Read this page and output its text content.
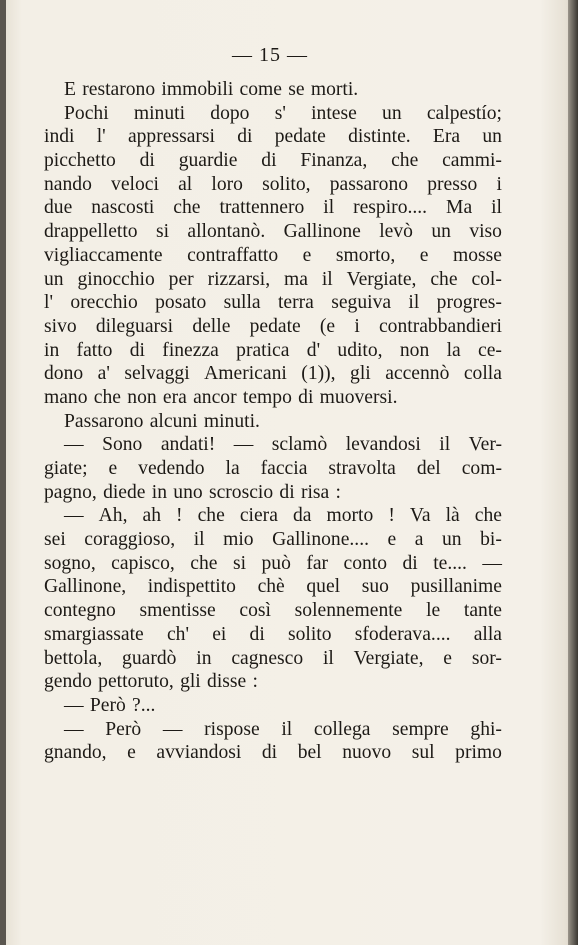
— 15 —
E restarono immobili come se morti.
Pochi minuti dopo s' intese un calpestío;
indi l' appressarsi di pedate distinte. Era un
picchetto di guardie di Finanza, che cammi-
nando veloci al loro solito, passarono presso i
due nascosti che trattennero il respiro.... Ma il
drappelletto si allontanò. Gallinone levò un viso
vigliaccamente contraffatto e smorto, e mosse
un ginocchio per rizzarsi, ma il Vergiate, che col-
l' orecchio posato sulla terra seguiva il progres-
sivo dileguarsi delle pedate (e i contrabbandieri
in fatto di finezza pratica d' udito, non la ce-
dono a' selvaggi Americani (1)), gli accennò colla
mano che non era ancor tempo di muoversi.
Passarono alcuni minuti.
— Sono andati! — sclamò levandosi il Ver-
giate; e vedendo la faccia stravolta del com-
pagno, diede in uno scroscio di risa :
— Ah, ah ! che ciera da morto ! Va là che
sei coraggioso, il mio Gallinone.... e a un bi-
sogno, capisco, che si può far conto di te.... —
Gallinone, indispettito chè quel suo pusillanime
contegno smentisse così solennemente le tante
smargiassate ch' ei di solito sfoderava.... alla
bettola, guardò in cagnesco il Vergiate, e sor-
gendo pettoruto, gli disse :
— Però ?...
— Però — rispose il collega sempre ghi-
gnando, e avviandosi di bel nuovo sul primo
